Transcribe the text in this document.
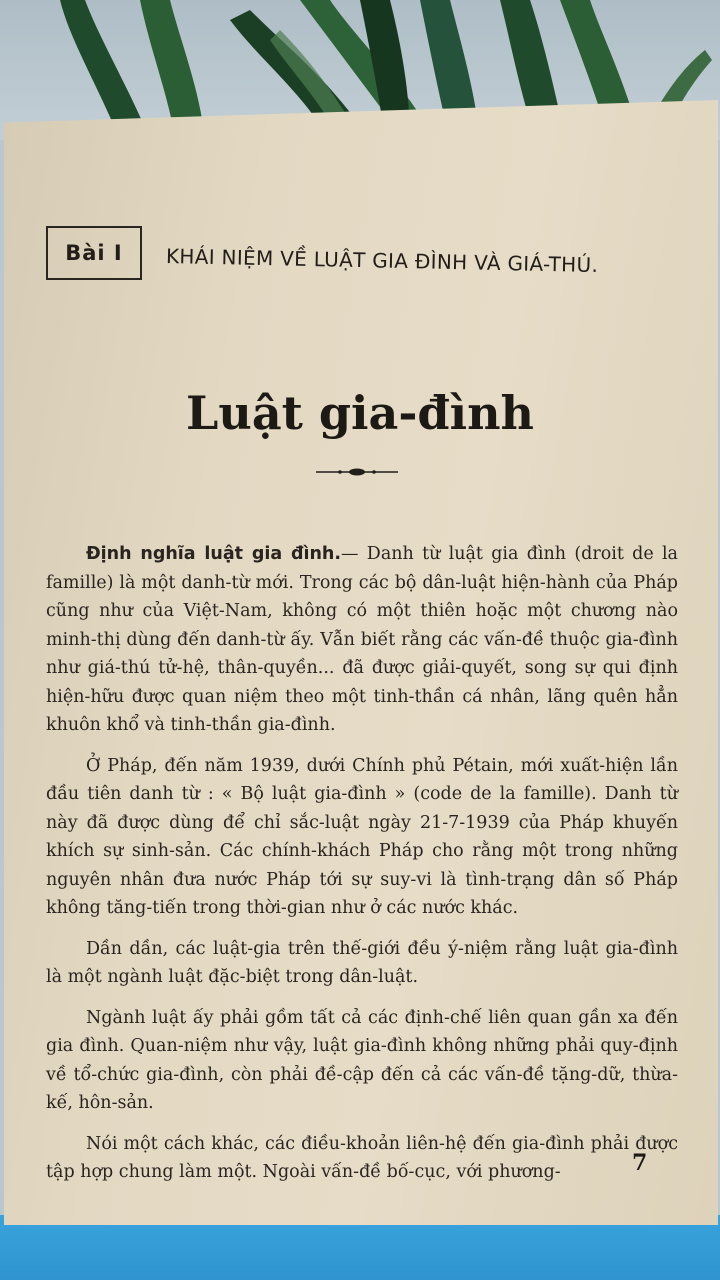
Bài I KHÁI NIỆM VỀ LUẬT GIA ĐÌNH VÀ GIÁ-THÚ.
Luật gia-đình

Định nghĩa luật gia đình.— Danh từ luật gia đình (droit de la famille) là một danh-từ mới. Trong các bộ dân-luật hiện-hành của Pháp cũng như của Việt-Nam, không có một thiên hoặc một chương nào minh-thị dùng đến danh-từ ấy. Vẫn biết rằng các vấn-đề thuộc gia-đình như giá-thú tử-hệ, thân-quyền... đã được giải-quyết, song sự qui định hiện-hữu được quan niệm theo một tinh-thần cá nhân, lãng quên hẳn khuôn khổ và tinh-thần gia-đình.

Ở Pháp, đến năm 1939, dưới Chính phủ Pétain, mới xuất-hiện lần đầu tiên danh từ : « Bộ luật gia-đình » (code de la famille). Danh từ này đã được dùng để chỉ sắc-luật ngày 21-7-1939 của Pháp khuyến khích sự sinh-sản. Các chính-khách Pháp cho rằng một trong những nguyên nhân đưa nước Pháp tới sự suy-vi là tình-trạng dân số Pháp không tăng-tiến trong thời-gian như ở các nước khác.

Dần dần, các luật-gia trên thế-giới đều ý-niệm rằng luật gia-đình là một ngành luật đặc-biệt trong dân-luật.

Ngành luật ấy phải gồm tất cả các định-chế liên quan gần xa đến gia đình. Quan-niệm như vậy, luật gia-đình không những phải quy-định về tổ-chức gia-đình, còn phải đề-cập đến cả các vấn-đề tặng-dữ, thừa-kế, hôn-sản.

Nói một cách khác, các điều-khoản liên-hệ đến gia-đình phải được tập hợp chung làm một. Ngoài vấn-đề bố-cục, với phương-	7
